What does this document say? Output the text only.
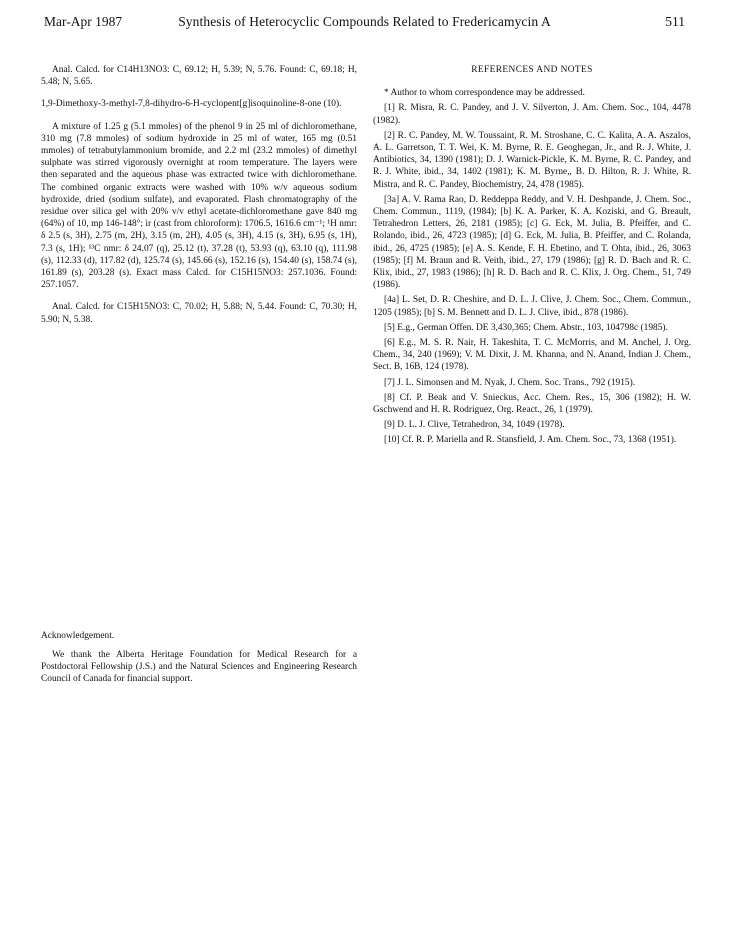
Mar-Apr 1987	Synthesis of Heterocyclic Compounds Related to Fredericamycin A	511

Anal. Calcd. for C14H13NO3: C, 69.12; H, 5.39; N, 5.76. Found: C, 69.18; H, 5.48; N, 5.65.

1,9-Dimethoxy-3-methyl-7,8-dihydro-6-H-cyclopent[g]isoquinoline-8-one (10).

A mixture of 1.25 g (5.1 mmoles) of the phenol 9 in 25 ml of dichloromethane, 310 mg (7.8 mmoles) of sodium hydroxide in 25 ml of water, 165 mg (0.51 mmoles) of tetrabutylammonium bromide, and 2.2 ml (23.2 mmoles) of dimethyl sulphate was stirred vigorously overnight at room temperature. The layers were then separated and the aqueous phase was extracted twice with dichloromethane. The combined organic extracts were washed with 10% w/v aqueous sodium hydroxide, dried (sodium sulfate), and evaporated. Flash chromatography of the residue over silica gel with 20% v/v ethyl acetate-dichloromethane gave 840 mg (64%) of 10, mp 146-148°; ir (cast from chloroform): 1706.5, 1616.6 cm⁻¹; ¹H nmr: δ 2.5 (s, 3H), 2.75 (m, 2H), 3.15 (m, 2H), 4.05 (s, 3H), 4.15 (s, 3H), 6.95 (s, 1H), 7.3 (s, 1H); ¹³C nmr: δ 24.07 (q), 25.12 (t), 37.28 (t), 53.93 (q), 63.10 (q), 111.98 (s), 112.33 (d), 117.82 (d), 125.74 (s), 145.66 (s), 152.16 (s), 154.40 (s), 158.74 (s), 161.89 (s), 203.28 (s). Exact mass Calcd. for C15H15NO3: 257.1036. Found: 257.1057.

Anal. Calcd. for C15H15NO3: C, 70.02; H, 5.88; N, 5.44. Found: C, 70.30; H, 5.90; N, 5.38.

Acknowledgement.

We thank the Alberta Heritage Foundation for Medical Research for a Postdoctoral Fellowship (J.S.) and the Natural Sciences and Engineering Research Council of Canada for financial support.

REFERENCES AND NOTES

* Author to whom correspondence may be addressed.

[1] R. Misra, R. C. Pandey, and J. V. Silverton, J. Am. Chem. Soc., 104, 4478 (1982).

[2] R. C. Pandey, M. W. Toussaint, R. M. Stroshane, C. C. Kalita, A. A. Aszalos, A. L. Garretson, T. T. Wei, K. M. Byrne, R. E. Geoghegan, Jr., and R. J. White, J. Antibiotics, 34, 1390 (1981); D. J. Warnick-Pickle, K. M. Byrne, R. C. Pandey, and R. J. White, ibid., 34, 1402 (1981); K. M. Byrne,, B. D. Hilton, R. J. White, R. Mistra, and R. C. Pandey, Biochemistry, 24, 478 (1985).

[3a] A. V. Rama Rao, D. Reddeppa Reddy, and V. H. Deshpande, J. Chem. Soc., Chem. Commun., 1119, (1984); [b] K. A. Parker, K. A. Koziski, and G. Breault, Tetrahedron Letters, 26, 2181 (1985); [c] G. Eck, M. Julia, B. Pfeiffer, and C. Rolando, ibid., 26, 4723 (1985); [d] G. Eck, M. Julia, B. Pfeiffer, and C. Rolanda, ibid., 26, 4725 (1985); [e] A. S. Kende, F. H. Ebetino, and T. Ohta, ibid., 26, 3063 (1985); [f] M. Braun and R. Veith, ibid., 27, 179 (1986); [g] R. D. Bach and R. C. Klix, ibid., 27, 1983 (1986); [h] R. D. Bach and R. C. Klix, J. Org. Chem., 51, 749 (1986).

[4a] L. Set, D. R. Cheshire, and D. L. J. Clive, J. Chem. Soc., Chem. Commun., 1205 (1985); [b] S. M. Bennett and D. L. J. Clive, ibid., 878 (1986).

[5] E.g., German Offen. DE 3,430,365; Chem. Abstr., 103, 104798c (1985).

[6] E.g., M. S. R. Nair, H. Takeshita, T. C. McMorris, and M. Anchel, J. Org. Chem., 34, 240 (1969); V. M. Dixit, J. M. Khanna, and N. Anand, Indian J. Chem., Sect. B, 16B, 124 (1978).

[7] J. L. Simonsen and M. Nyak, J. Chem. Soc. Trans., 792 (1915).

[8] Cf. P. Beak and V. Snieckus, Acc. Chem. Res., 15, 306 (1982); H. W. Gschwend and H. R. Rodriguez, Org. React., 26, 1 (1979).

[9] D. L. J. Clive, Tetrahedron, 34, 1049 (1978).

[10] Cf. R. P. Mariella and R. Stansfield, J. Am. Chem. Soc., 73, 1368 (1951).
